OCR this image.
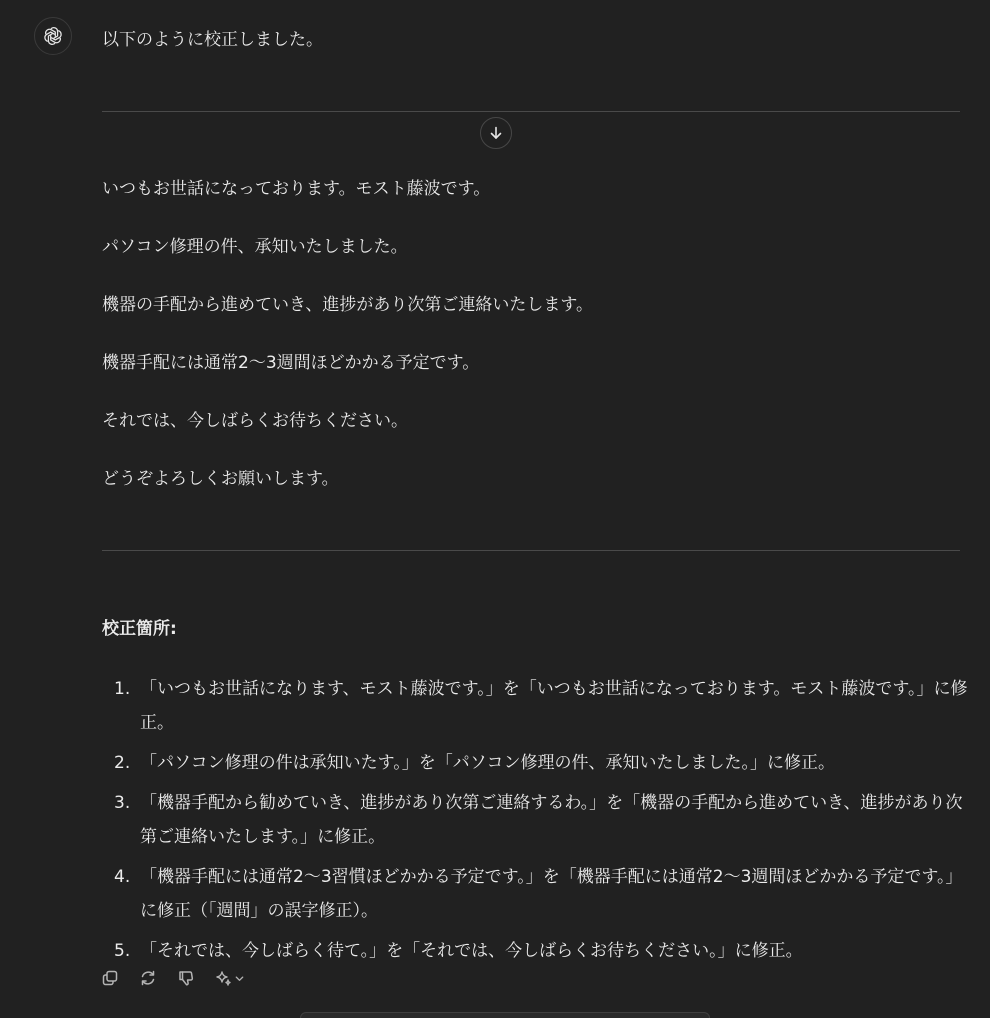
以下のように校正しました。
いつもお世話になっております。モスト藤波です。
パソコン修理の件、承知いたしました。
機器の手配から進めていき、進捗があり次第ご連絡いたします。
機器手配には通常2〜3週間ほどかかる予定です。
それでは、今しばらくお待ちください。
どうぞよろしくお願いします。
校正箇所:
1. 「いつもお世話になります、モスト藤波です。」を「いつもお世話になっております。モスト藤波です。」に修正。
2. 「パソコン修理の件は承知いたす。」を「パソコン修理の件、承知いたしました。」に修正。
3. 「機器手配から勧めていき、進捗があり次第ご連絡するわ。」を「機器の手配から進めていき、進捗があり次第ご連絡いたします。」に修正。
4. 「機器手配には通常2〜3習慣ほどかかる予定です。」を「機器手配には通常2〜3週間ほどかかる予定です。」に修正（「週間」の誤字修正）。
5. 「それでは、今しばらく待て。」を「それでは、今しばらくお待ちください。」に修正。
